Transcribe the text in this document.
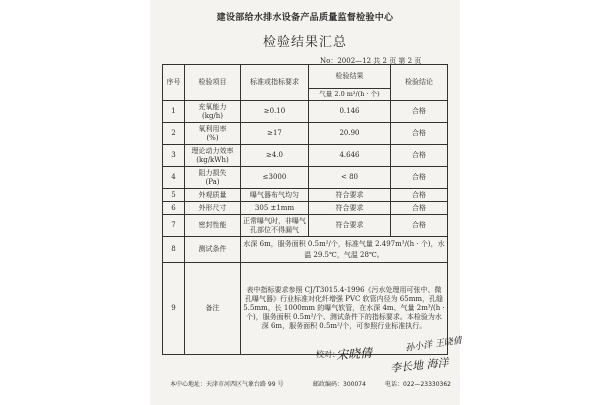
建设部给水排水设备产品质量监督检验中心
检验结果汇总
No：2002—12 共 2 页 第 2 页
序号	检验项目	标准或指标要求	检验结果	检验结论
			气量 2.0 m³/(h · 个)	
1	充氧能力
(kg/h)	≥0.10	0.146	合格
2	氧利用率
(%)	≥17	20.90	合格
3	理论动力效率
(kg/kWh)	≥4.0	4.646	合格
4	阻力损失
(Pa)	≤3000	< 80	合格
5	外观质量	曝气器布气均匀	符合要求	合格
6	外形尺寸	305 ±1mm	符合要求	合格
7	密封性能	正常曝气时，非曝气孔部位不得漏气	符合要求	合格
8	测试条件	水深 6m，服务面积 0.5m²/个，标准气量 2.497m³/(h · 个)，水温 29.5℃，气温 28℃。		
9	备注	表中指标要求参照 CJ/T3015.4-1996《污水处理用可张中、微孔曝气器》行业标准对化纤增强 PVC 软管内径为 65mm，孔缝 5.5mm，长 1000mm 的曝气软管，在水深 4m、气量 2m³/(h · 个)，服务面积 0.5m²/个、测试条件下的指标要求。本检验为水深 6m，服务面积 0.5m²/个，可参照行业标准执行。		
校对：
宋晓倩
孙小洋 王晓倩
李长地 海洋
本中心地址：天津市河西区气象台路 99 号	邮政编码：300074	电话：022—23330362
